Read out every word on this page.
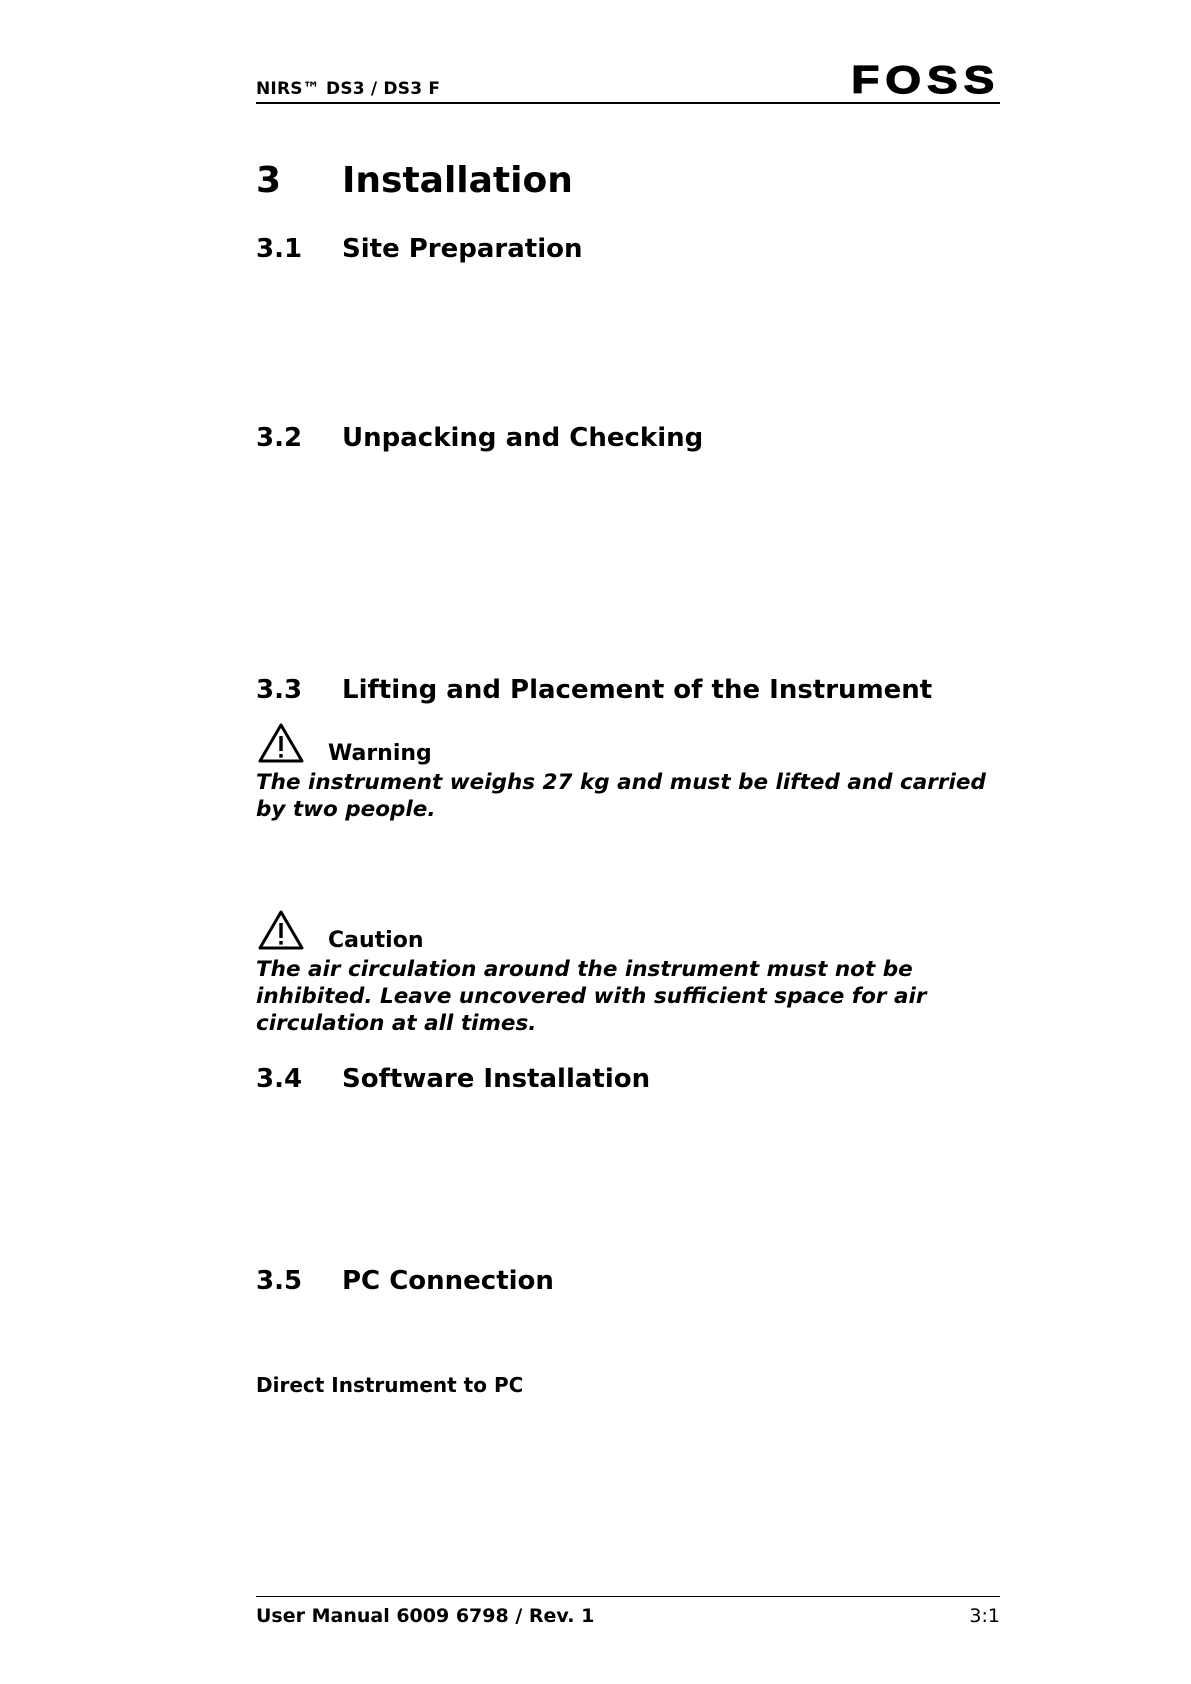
NIRS™ DS3 / DS3 F	FOSS
3 Installation
3.1 Site Preparation
3.2 Unpacking and Checking
3.3 Lifting and Placement of the Instrument
Warning
The instrument weighs 27 kg and must be lifted and carried by two people.
Caution
The air circulation around the instrument must not be inhibited. Leave uncovered with sufficient space for air circulation at all times.
3.4 Software Installation
3.5 PC Connection
Direct Instrument to PC
User Manual 6009 6798 / Rev. 1	3:1
